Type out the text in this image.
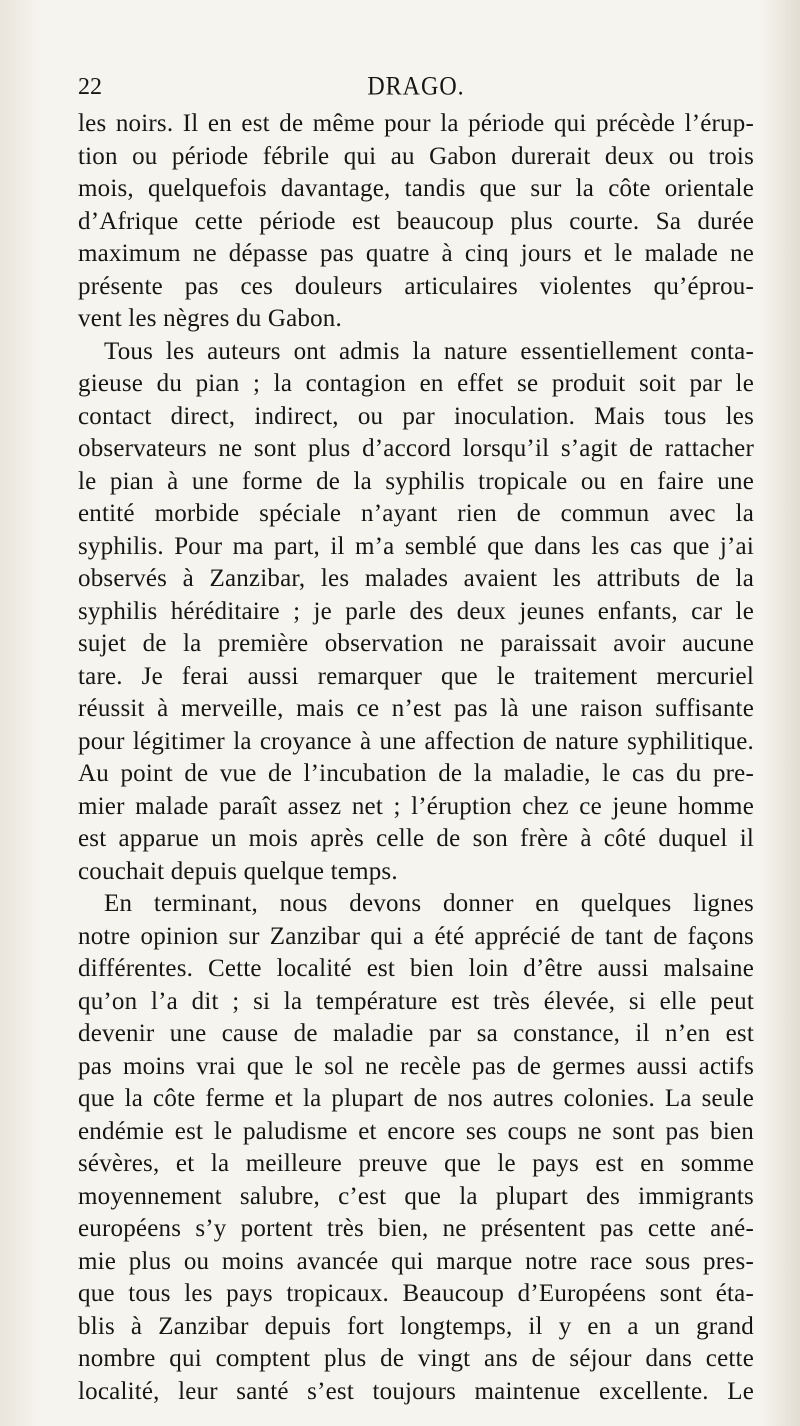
22	DRAGO.
les noirs. Il en est de même pour la période qui précède l’érup-
tion ou période fébrile qui au Gabon durerait deux ou trois
mois, quelquefois davantage, tandis que sur la côte orientale
d’Afrique cette période est beaucoup plus courte. Sa durée
maximum ne dépasse pas quatre à cinq jours et le malade ne
présente pas ces douleurs articulaires violentes qu’éprou-
vent les nègres du Gabon.
Tous les auteurs ont admis la nature essentiellement conta-
gieuse du pian ; la contagion en effet se produit soit par le
contact direct, indirect, ou par inoculation. Mais tous les
observateurs ne sont plus d’accord lorsqu’il s’agit de rattacher
le pian à une forme de la syphilis tropicale ou en faire une
entité morbide spéciale n’ayant rien de commun avec la
syphilis. Pour ma part, il m’a semblé que dans les cas que j’ai
observés à Zanzibar, les malades avaient les attributs de la
syphilis héréditaire ; je parle des deux jeunes enfants, car le
sujet de la première observation ne paraissait avoir aucune
tare. Je ferai aussi remarquer que le traitement mercuriel
réussit à merveille, mais ce n’est pas là une raison suffisante
pour légitimer la croyance à une affection de nature syphilitique.
Au point de vue de l’incubation de la maladie, le cas du pre-
mier malade paraît assez net ; l’éruption chez ce jeune homme
est apparue un mois après celle de son frère à côté duquel il
couchait depuis quelque temps.
En terminant, nous devons donner en quelques lignes
notre opinion sur Zanzibar qui a été apprécié de tant de façons
différentes. Cette localité est bien loin d’être aussi malsaine
qu’on l’a dit ; si la température est très élevée, si elle peut
devenir une cause de maladie par sa constance, il n’en est
pas moins vrai que le sol ne recèle pas de germes aussi actifs
que la côte ferme et la plupart de nos autres colonies. La seule
endémie est le paludisme et encore ses coups ne sont pas bien
sévères, et la meilleure preuve que le pays est en somme
moyennement salubre, c’est que la plupart des immigrants
européens s’y portent très bien, ne présentent pas cette ané-
mie plus ou moins avancée qui marque notre race sous pres-
que tous les pays tropicaux. Beaucoup d’Européens sont éta-
blis à Zanzibar depuis fort longtemps, il y en a un grand
nombre qui comptent plus de vingt ans de séjour dans cette
localité, leur santé s’est toujours maintenue excellente. Le
